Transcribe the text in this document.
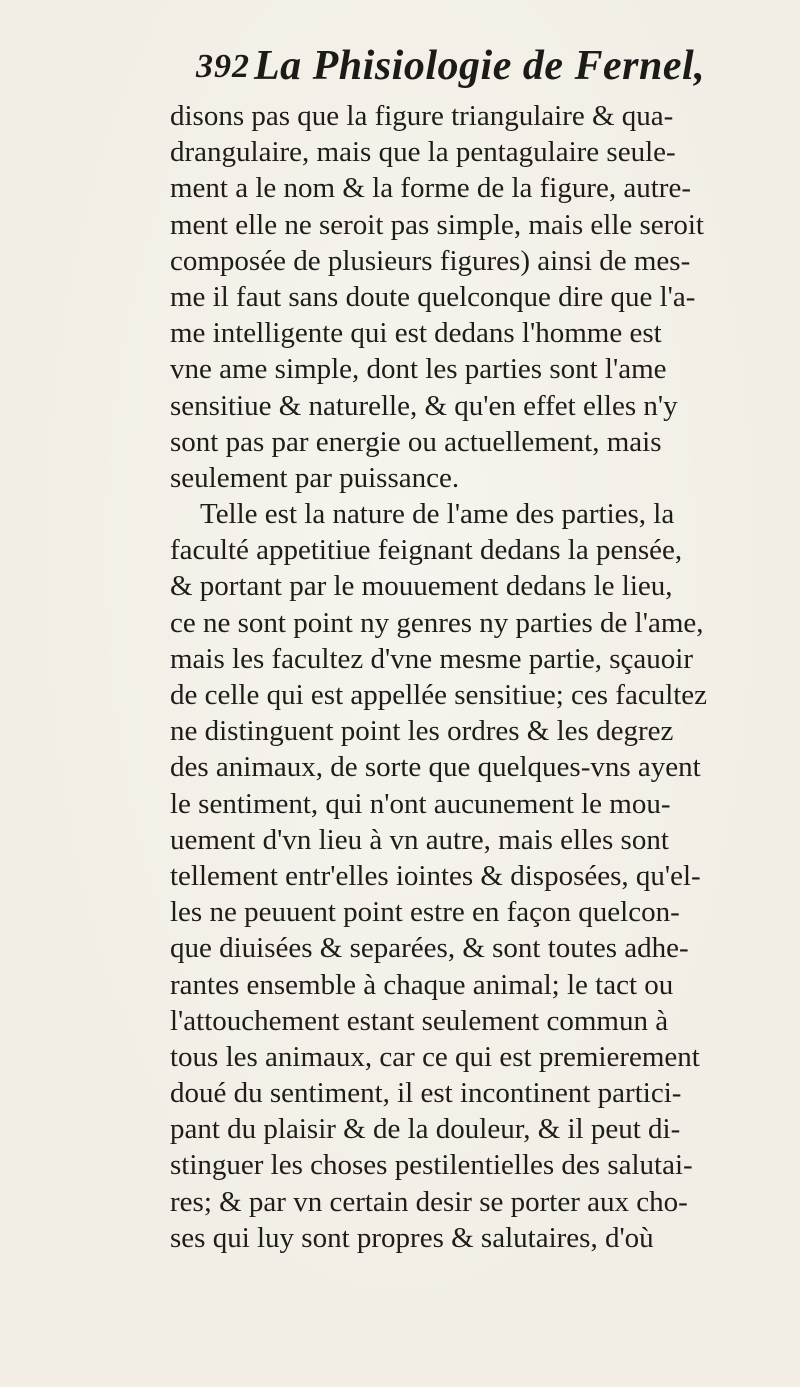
392 La Phisiologie de Fernel,
disons pas que la figure triangulaire & qua-
drangulaire, mais que la pentagulaire seule-
ment a le nom & la forme de la figure, autre-
ment elle ne seroit pas simple, mais elle seroit
composée de plusieurs figures) ainsi de mes-
me il faut sans doute quelconque dire que l'a-
me intelligente qui est dedans l'homme est
vne ame simple, dont les parties sont l'ame
sensitiue & naturelle, & qu'en effet elles n'y
sont pas par energie ou actuellement, mais
seulement par puissance.
Telle est la nature de l'ame des parties, la
faculté appetitiue feignant dedans la pensée,
& portant par le mouuement dedans le lieu,
ce ne sont point ny genres ny parties de l'ame,
mais les facultez d'vne mesme partie, sçauoir
de celle qui est appellée sensitiue; ces facultez
ne distinguent point les ordres & les degrez
des animaux, de sorte que quelques-vns ayent
le sentiment, qui n'ont aucunement le mou-
uement d'vn lieu à vn autre, mais elles sont
tellement entr'elles iointes & disposées, qu'el-
les ne peuuent point estre en façon quelcon-
que diuisées & separées, & sont toutes adhe-
rantes ensemble à chaque animal; le tact ou
l'attouchement estant seulement commun à
tous les animaux, car ce qui est premierement
doué du sentiment, il est incontinent partici-
pant du plaisir & de la douleur, & il peut di-
stinguer les choses pestilentielles des salutai-
res; & par vn certain desir se porter aux cho-
ses qui luy sont propres & salutaires, d'où
